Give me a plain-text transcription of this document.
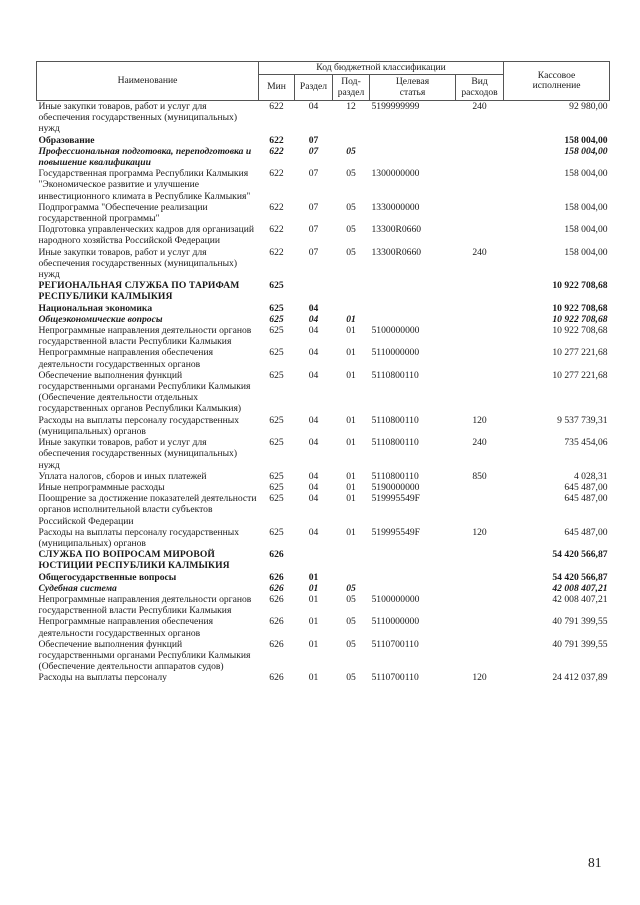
Наименование	Код бюджетной классификации					Кассовое
исполнение
	Мин	Раздел	Под-
раздел	Целевая
статья	Вид
расходов	
Иные закупки товаров, работ и услуг для обеспечения государственных (муниципальных) нужд	622	04	12	5199999999	240	92 980,00
Образование	622	07				158 004,00
Профессиональная подготовка, переподготовка и повышение квалификации	622	07	05			158 004,00
Государственная программа Республики Калмыкия "Экономическое развитие и улучшение инвестиционного климата в Республике Калмыкия"	622	07	05	1300000000		158 004,00
Подпрограмма "Обеспечение реализации государственной программы"	622	07	05	1330000000		158 004,00
Подготовка управленческих кадров для организаций народного хозяйства Российской Федерации	622	07	05	13300R0660		158 004,00
Иные закупки товаров, работ и услуг для обеспечения государственных (муниципальных) нужд	622	07	05	13300R0660	240	158 004,00
РЕГИОНАЛЬНАЯ СЛУЖБА ПО ТАРИФАМ РЕСПУБЛИКИ КАЛМЫКИЯ	625					10 922 708,68
Национальная экономика	625	04				10 922 708,68
Общеэкономические вопросы	625	04	01			10 922 708,68
Непрограммные направления деятельности органов государственной власти Республики Калмыкия	625	04	01	5100000000		10 922 708,68
Непрограммные направления обеспечения деятельности государственных органов	625	04	01	5110000000		10 277 221,68
Обеспечение выполнения функций государственными органами Республики Калмыкия (Обеспечение деятельности отдельных государственных органов Республики Калмыкия)	625	04	01	5110800110		10 277 221,68
Расходы на выплаты персоналу государственных (муниципальных) органов	625	04	01	5110800110	120	9 537 739,31
Иные закупки товаров, работ и услуг для обеспечения государственных (муниципальных) нужд	625	04	01	5110800110	240	735 454,06
Уплата налогов, сборов и иных платежей	625	04	01	5110800110	850	4 028,31
Иные непрограммные расходы	625	04	01	5190000000		645 487,00
Поощрение за достижение показателей деятельности органов исполнительной власти субъектов Российской Федерации	625	04	01	519995549F		645 487,00
Расходы на выплаты персоналу государственных (муниципальных) органов	625	04	01	519995549F	120	645 487,00
СЛУЖБА ПО ВОПРОСАМ МИРОВОЙ ЮСТИЦИИ РЕСПУБЛИКИ КАЛМЫКИЯ	626					54 420 566,87
Общегосударственные вопросы	626	01				54 420 566,87
Судебная система	626	01	05			42 008 407,21
Непрограммные направления деятельности органов государственной власти Республики Калмыкия	626	01	05	5100000000		42 008 407,21
Непрограммные направления обеспечения деятельности государственных органов	626	01	05	5110000000		40 791 399,55
Обеспечение выполнения функций государственными органами Республики Калмыкия (Обеспечение деятельности аппаратов судов)	626	01	05	5110700110		40 791 399,55
Расходы на выплаты персоналу	626	01	05	5110700110	120	24 412 037,89
81
